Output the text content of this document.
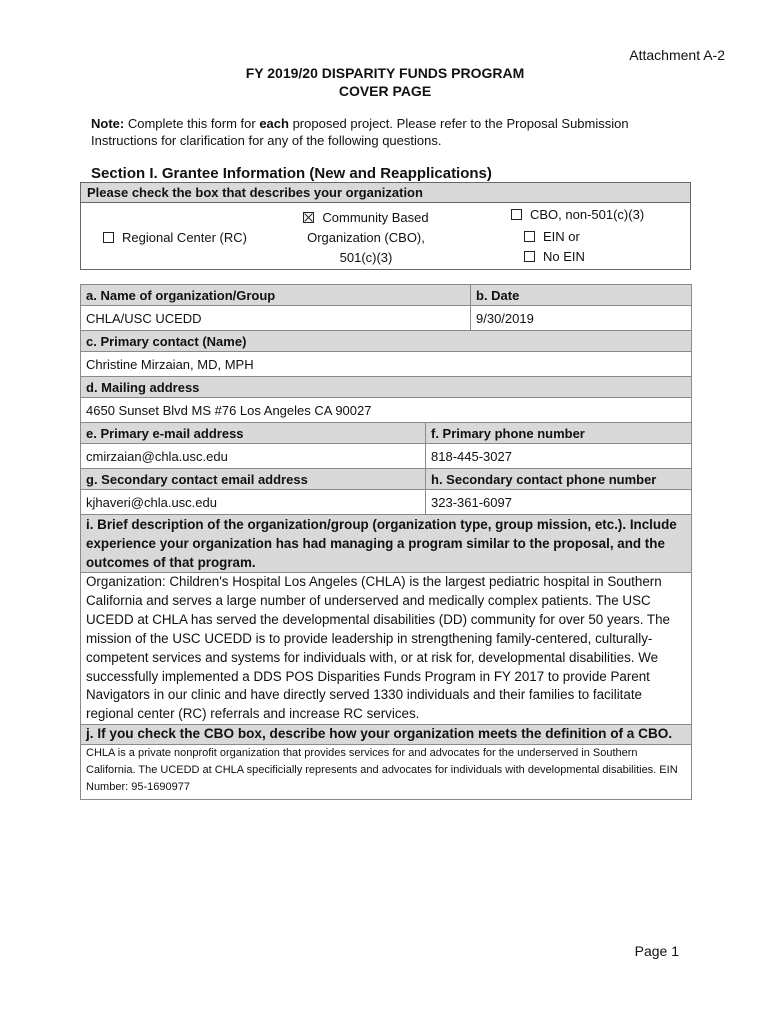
Attachment A-2
FY 2019/20 DISPARITY FUNDS PROGRAM
COVER PAGE
Note: Complete this form for each proposed project. Please refer to the Proposal Submission Instructions for clarification for any of the following questions.
Section I. Grantee Information (New and Reapplications)
Please check the box that describes your organization
Regional Center (RC)
Community Based
Organization (CBO),
501(c)(3)
CBO, non-501(c)(3)
EIN or
No EIN
a. Name of organization/Group		b. Date
CHLA/USC UCEDD		9/30/2019
c. Primary contact (Name)		
Christine Mirzaian, MD, MPH		
d. Mailing address		
4650 Sunset Blvd MS #76 Los Angeles CA 90027		
e. Primary e-mail address	f. Primary phone number	
cmirzaian@chla.usc.edu	818-445-3027	
g. Secondary contact email address	h. Secondary contact phone number	
kjhaveri@chla.usc.edu	323-361-6097	
i. Brief description of the organization/group (organization type, group mission, etc.). Include experience your organization has had managing a program similar to the proposal, and the outcomes of that program.		
Organization: Children's Hospital Los Angeles (CHLA) is the largest pediatric hospital in Southern California and serves a large number of underserved and medically complex patients. The USC UCEDD at CHLA has served the developmental disabilities (DD) community for over 50 years. The mission of the USC UCEDD is to provide leadership in strengthening family-centered, culturally-competent services and systems for individuals with, or at risk for, developmental disabilities. We successfully implemented a DDS POS Disparities Funds Program in FY 2017 to provide Parent Navigators in our clinic and have directly served 1330 individuals and their families to facilitate regional center (RC) referrals and increase RC services.		
j. If you check the CBO box, describe how your organization meets the definition of a CBO.		
CHLA is a private nonprofit organization that provides services for and advocates for the underserved in Southern California. The UCEDD at CHLA specificially represents and advocates for individuals with developmental disabilities. EIN Number: 95-1690977		
Page 1
